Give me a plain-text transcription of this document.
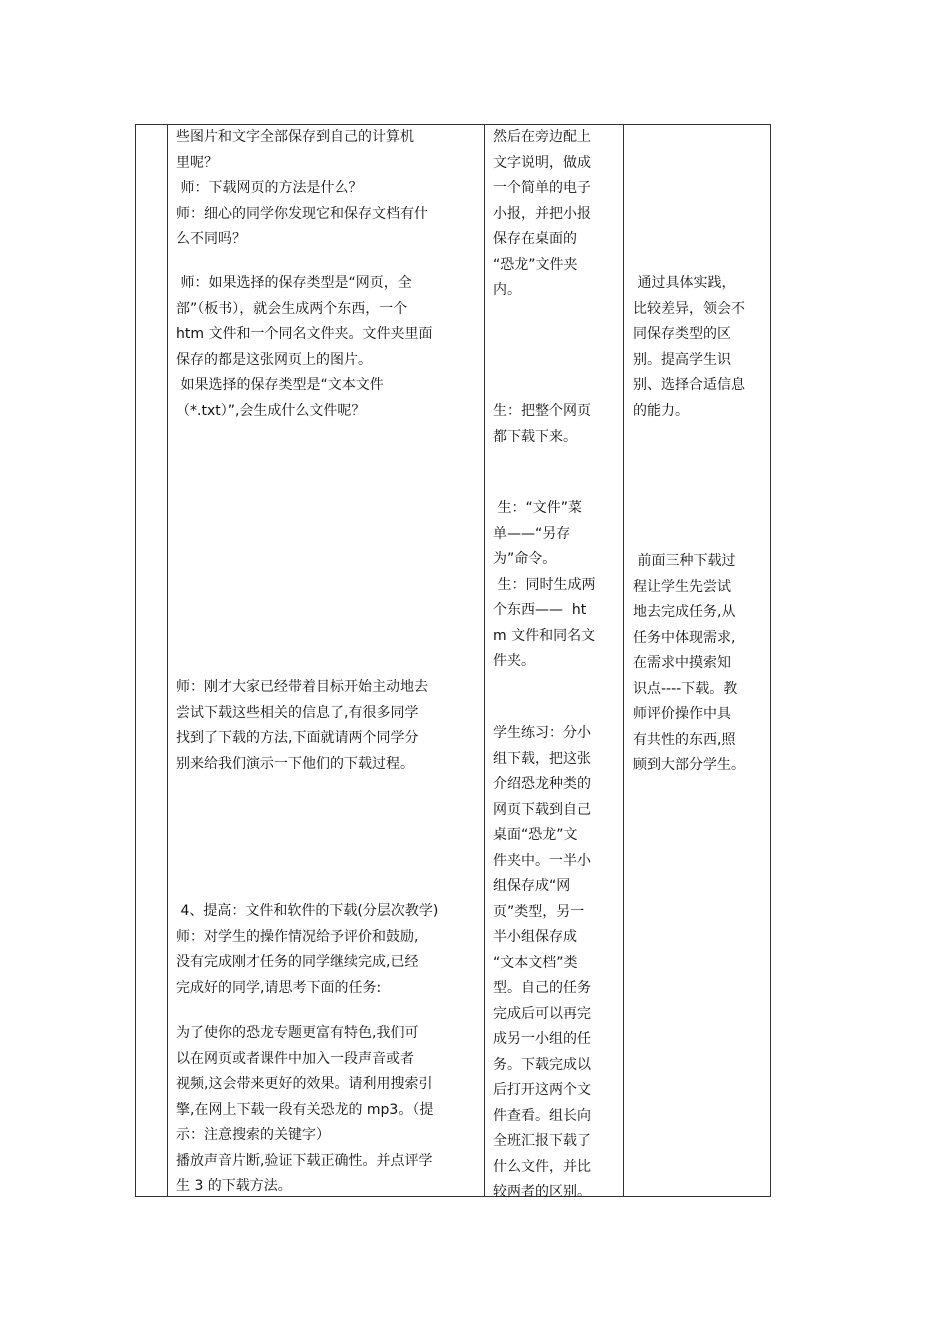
些图片和文字全部保存到自己的计算机
里呢？
师：下载网页的方法是什么？
师：细心的同学你发现它和保存文档有什
么不同吗？

师：如果选择的保存类型是“网页，全
部”（板书），就会生成两个东西，一个
htm 文件和一个同名文件夹。文件夹里面
保存的都是这张网页上的图片。
如果选择的保存类型是“文本文件
（*.txt）”,会生成什么文件呢？

师：刚才大家已经带着目标开始主动地去
尝试下载这些相关的信息了,有很多同学
找到了下载的方法,下面就请两个同学分
别来给我们演示一下他们的下载过程。

4、提高：文件和软件的下载(分层次教学)
师：对学生的操作情况给予评价和鼓励,
没有完成刚才任务的同学继续完成,已经
完成好的同学,请思考下面的任务:

为了使你的恐龙专题更富有特色,我们可
以在网页或者课件中加入一段声音或者
视频,这会带来更好的效果。请利用搜索引
擎,在网上下载一段有关恐龙的 mp3。（提
示：注意搜索的关键字）
播放声音片断,验证下载正确性。并点评学
生 3 的下载方法。

然后在旁边配上
文字说明，做成
一个简单的电子
小报，并把小报
保存在桌面的
“恐龙”文件夹
内。

生：把整个网页
都下载下来。

生：“文件”菜
单——“另存
为”命令。
生：同时生成两
个东西——  ht
m 文件和同名文
件夹。

学生练习：分小
组下载，把这张
介绍恐龙种类的
网页下载到自己
桌面“恐龙”文
件夹中。一半小
组保存成“网
页”类型，另一
半小组保存成
“文本文档”类
型。自己的任务
完成后可以再完
成另一小组的任
务。下载完成以
后打开这两个文
件查看。组长向
全班汇报下载了
什么文件，并比
较两者的区别。

通过具体实践，
比较差异，领会不
同保存类型的区
别。提高学生识
别、选择合适信息
的能力。

前面三种下载过
程让学生先尝试
地去完成任务,从
任务中体现需求,
在需求中摸索知
识点----下载。教
师评价操作中具
有共性的东西,照
顾到大部分学生。
